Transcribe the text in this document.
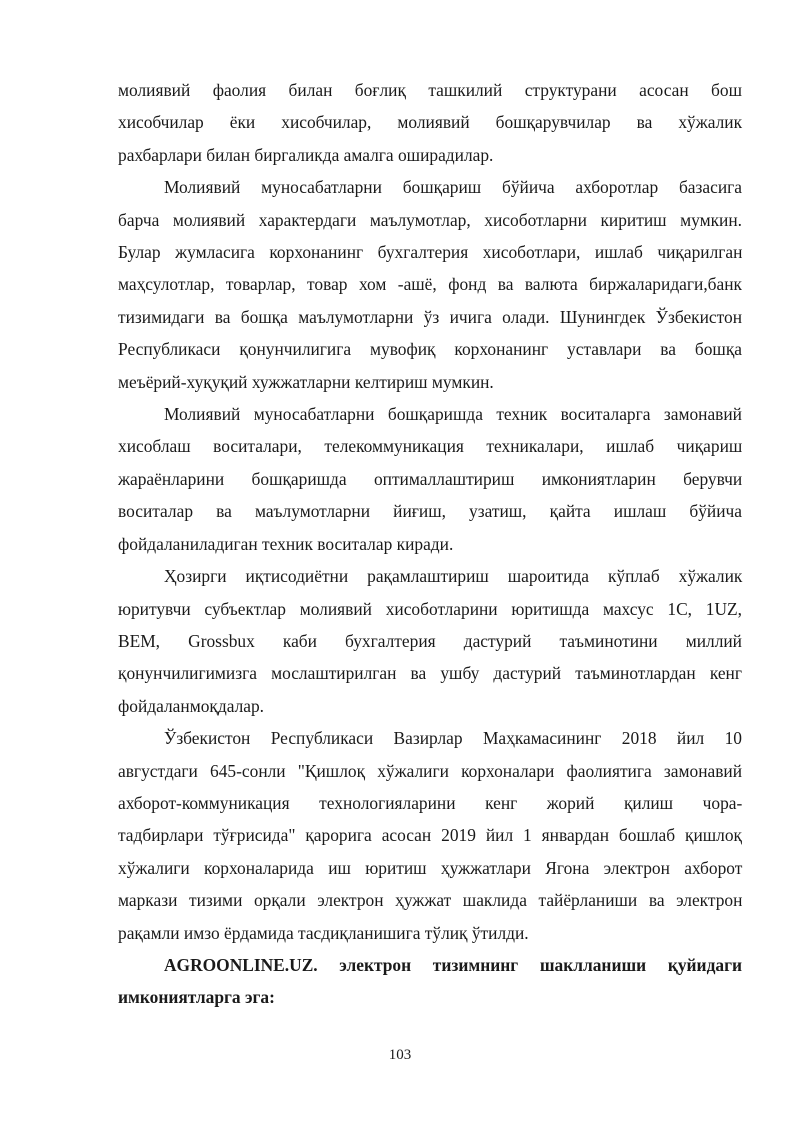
молиявий фаолия билан боғлиқ ташкилий структурани асосан бош
хисобчилар ёки хисобчилар, молиявий бошқарувчилар ва хўжалик
рахбарлари билан биргаликда амалга оширадилар.
Молиявий муносабатларни бошқариш бўйича ахборотлар базасига
барча молиявий характердаги маълумотлар, хисоботларни киритиш мумкин.
Булар жумласига корхонанинг бухгалтерия хисоботлари, ишлаб чиқарилган
маҳсулотлар, товарлар, товар хом -ашё, фонд ва валюта биржаларидаги,банк
тизимидаги ва бошқа маълумотларни ўз ичига олади. Шунингдек Ўзбекистон
Республикаси қонунчилигига мувофиқ корхонанинг уставлари ва бошқа
меъёрий-хуқуқий хужжатларни келтириш мумкин.
Молиявий муносабатларни бошқаришда техник воситаларга замонавий
хисоблаш воситалари, телекоммуникация техникалари, ишлаб чиқариш
жараёнларини бошқаришда оптималлаштириш имкониятларин берувчи
воситалар ва маълумотларни йиғиш, узатиш, қайта ишлаш бўйича
фойдаланиладиган техник воситалар киради.
Ҳозирги иқтисодиётни рақамлаштириш шароитида кўплаб хўжалик
юритувчи субъектлар молиявий хисоботларини юритишда махсус 1С, 1UZ,
BEM, Grossbux каби бухгалтерия дастурий таъминотини миллий
қонунчилигимизга мослаштирилган ва ушбу дастурий таъминотлардан кенг
фойдаланмоқдалар.
Ўзбекистон Республикаси Вазирлар Маҳкамасининг 2018 йил 10
августдаги 645-сонли "Қишлоқ хўжалиги корхоналари фаолиятига замонавий
ахборот-коммуникация технологияларини кенг жорий қилиш чора-
тадбирлари тўғрисида" қарорига асосан 2019 йил 1 январдан бошлаб қишлоқ
хўжалиги корхоналарида иш юритиш ҳужжатлари Ягона электрон ахборот
маркази тизими орқали электрон ҳужжат шаклида тайёрланиши ва электрон
рақамли имзо ёрдамида тасдиқланишига тўлиқ ўтилди.
AGROONLINE.UZ. электрон тизимнинг шаклланиши қуйидаги
имкониятларга эга:
103
